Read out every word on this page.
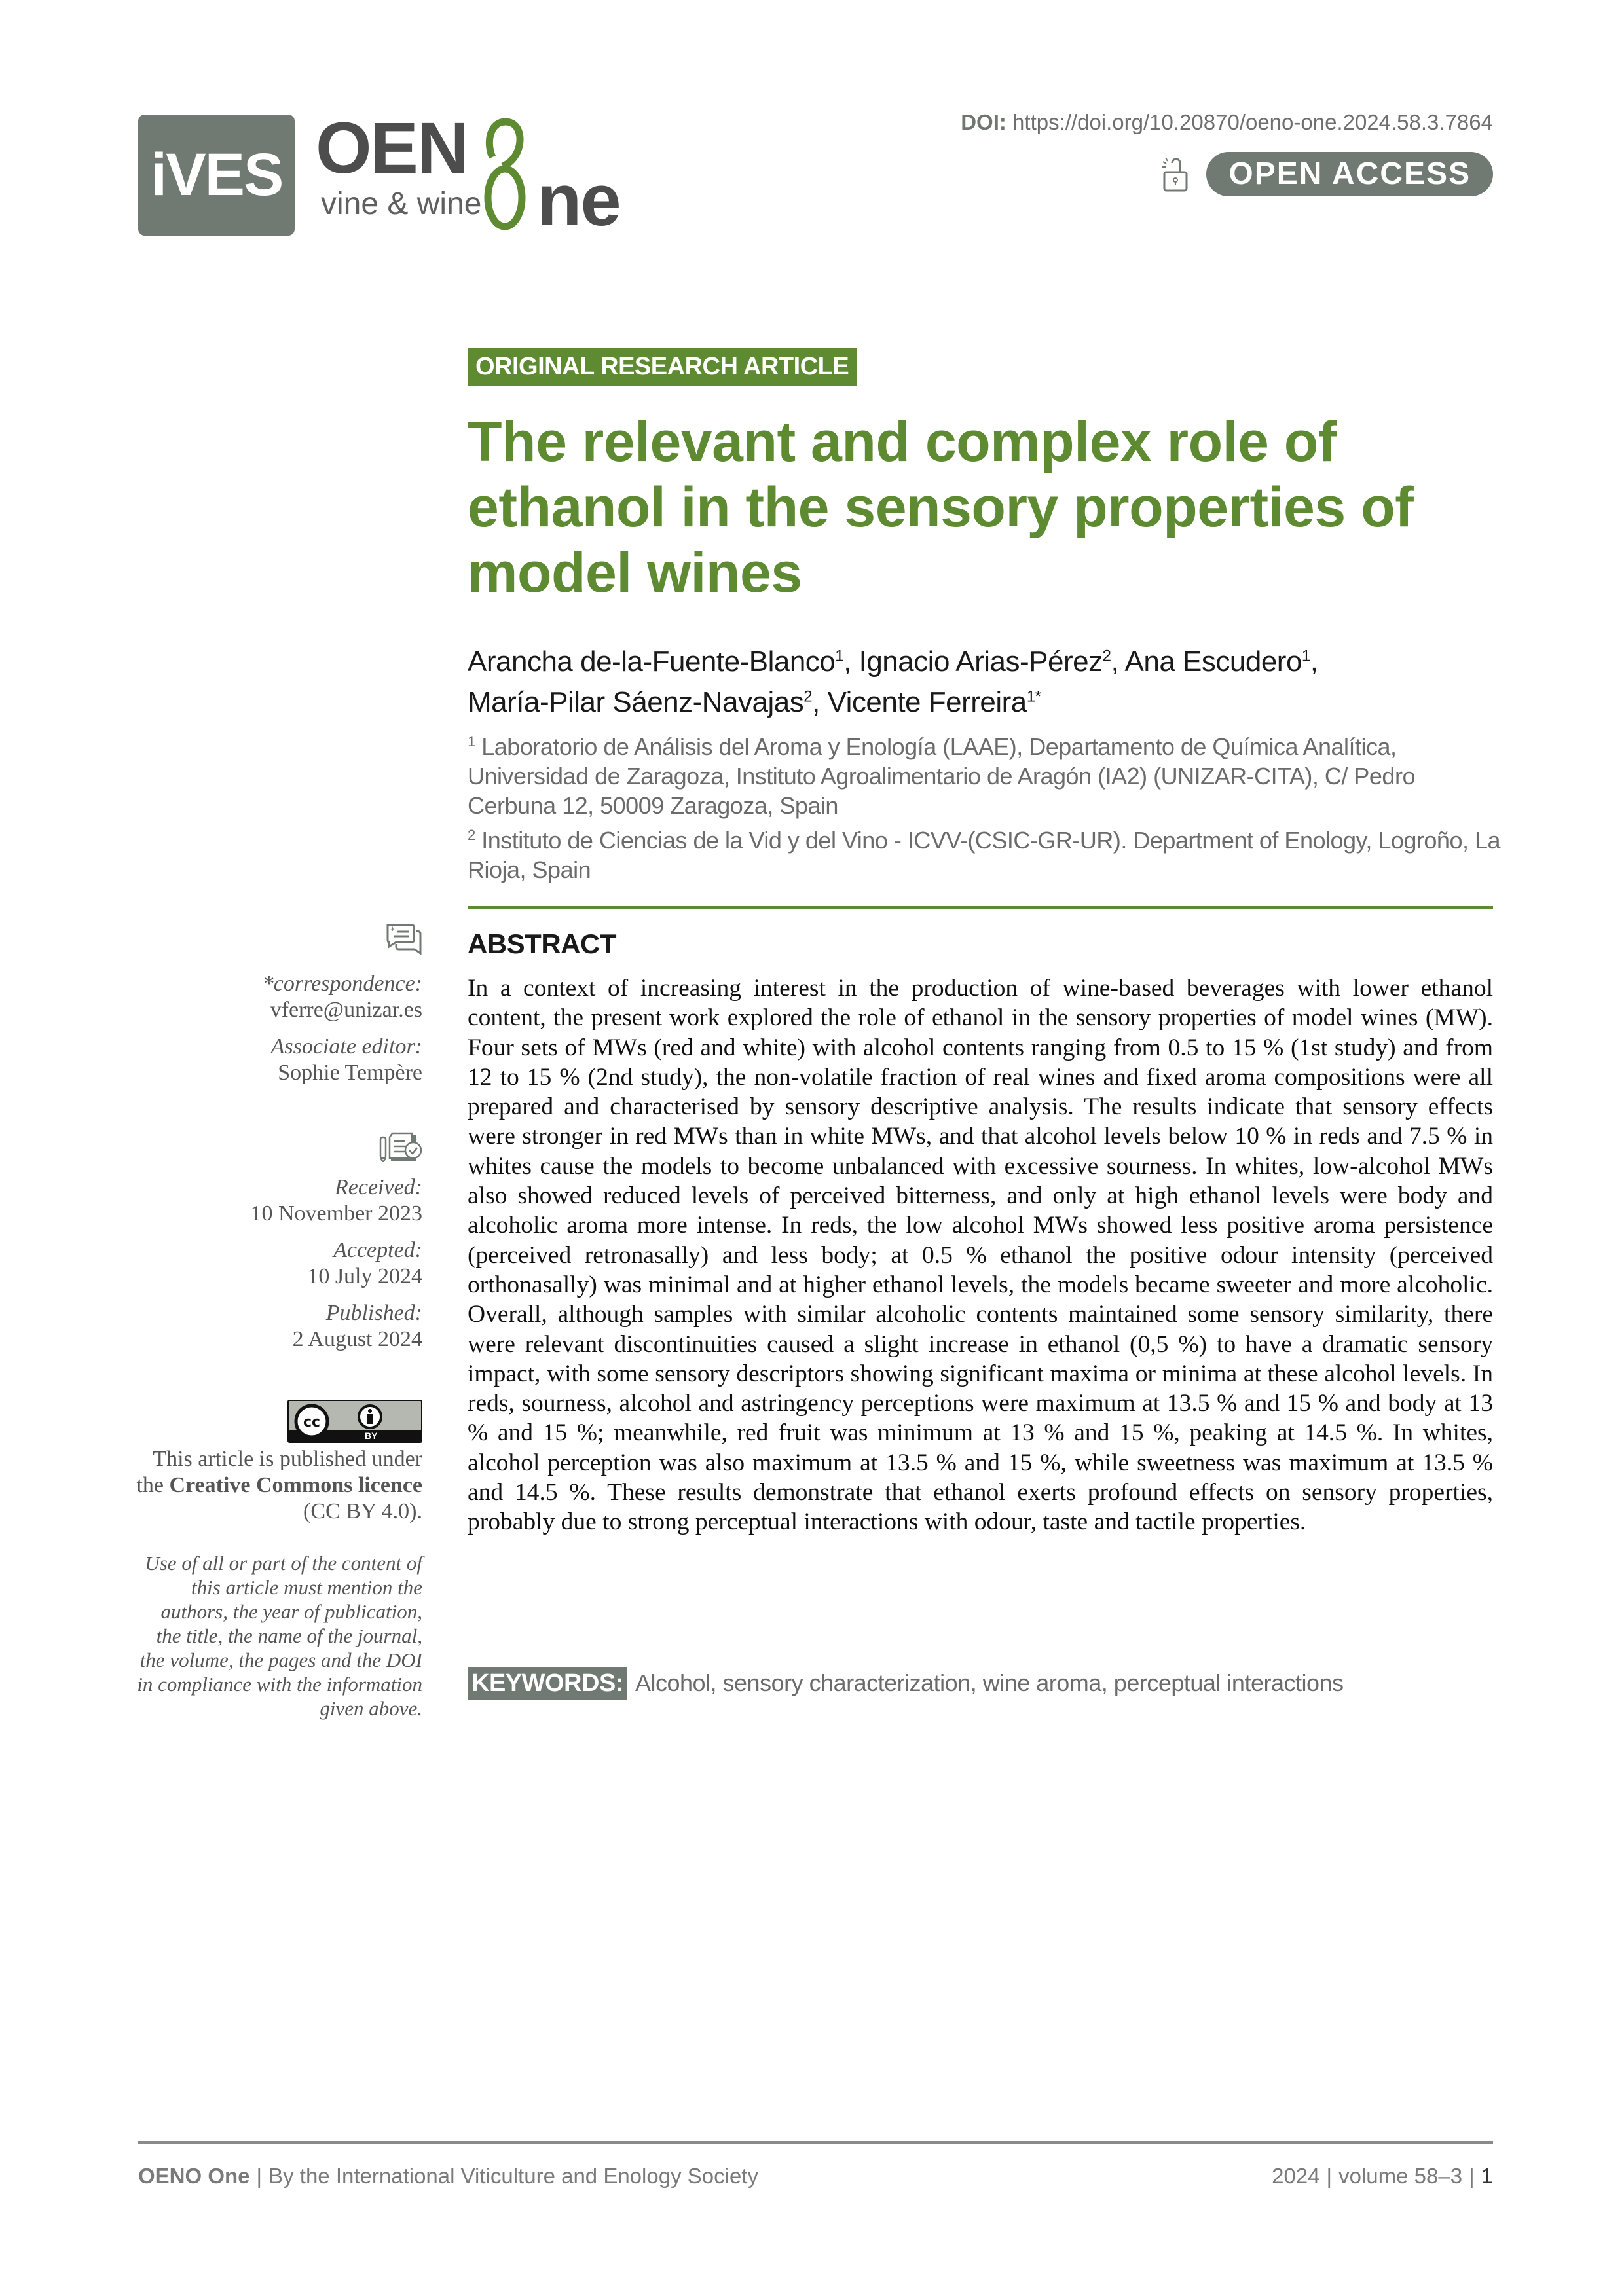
iVES OEN
vine & wine ne
DOI: https://doi.org/10.20870/oeno-one.2024.58.3.7864
OPEN ACCESS
ORIGINAL RESEARCH ARTICLE
The relevant and complex role of ethanol in the sensory properties of model wines
Arancha de-la-Fuente-Blanco$^1$, Ignacio Arias-Pérez$^2$, Ana Escudero$^1$,
María-Pilar Sáenz-Navajas$^2$, Vicente Ferreira$^{1*}$
$^1$ Laboratorio de Análisis del Aroma y Enología (LAAE), Departamento de Química Analítica, Universidad de Zaragoza, Instituto Agroalimentario de Aragón (IA2) (UNIZAR-CITA), C/ Pedro Cerbuna 12, 50009 Zaragoza, Spain
$^2$ Instituto de Ciencias de la Vid y del Vino - ICVV-(CSIC-GR-UR). Department of Enology, Logroño, La Rioja, Spain
ABSTRACT

In a context of increasing interest in the production of wine-based beverages with lower ethanol content, the present work explored the role of ethanol in the sensory properties of model wines (MW). Four sets of MWs (red and white) with alcohol contents ranging from 0.5 to 15 % (1st study) and from 12 to 15 % (2nd study), the non-volatile fraction of real wines and fixed aroma compositions were all prepared and characterised by sensory descriptive analysis. The results indicate that sensory effects were stronger in red MWs than in white MWs, and that alcohol levels below 10 % in reds and 7.5 % in whites cause the models to become unbalanced with excessive sourness. In whites, low-alcohol MWs also showed reduced levels of perceived bitterness, and only at high ethanol levels were body and alcoholic aroma more intense. In reds, the low alcohol MWs showed less positive aroma persistence (perceived retronasally) and less body; at 0.5 % ethanol the positive odour intensity (perceived orthonasally) was minimal and at higher ethanol levels, the models became sweeter and more alcoholic. Overall, although samples with similar alcoholic contents maintained some sensory similarity, there were relevant discontinuities caused a slight increase in ethanol (0,5 %) to have a dramatic sensory impact, with some sensory descriptors showing significant maxima or minima at these alcohol levels. In reds, sourness, alcohol and astringency perceptions were maximum at 13.5 % and 15 % and body at 13 % and 15 %; meanwhile, red fruit was minimum at 13 % and 15 %, peaking at 14.5 %. In whites, alcohol perception was also maximum at 13.5 % and 15 %, while sweetness was maximum at 13.5 % and 14.5 %. These results demonstrate that ethanol exerts profound effects on sensory properties, probably due to strong perceptual interactions with odour, taste and tactile properties.

KEYWORDS: Alcohol, sensory characterization, wine aroma, perceptual interactions
*
*correspondence:
vferre@unizar.es
Associate editor:
Sophie Tempère
Received:
10 November 2023
Accepted:
10 July 2024
Published:
2 August 2024
cc
BY
This article is published under the Creative Commons licence (CC BY 4.0).
Use of all or part of the content of this article must mention the authors, the year of publication, the title, the name of the journal, the volume, the pages and the DOI in compliance with the information given above.
OENO One | By the International Viticulture and Enology Society	2024 | volume 58–3 | 1
